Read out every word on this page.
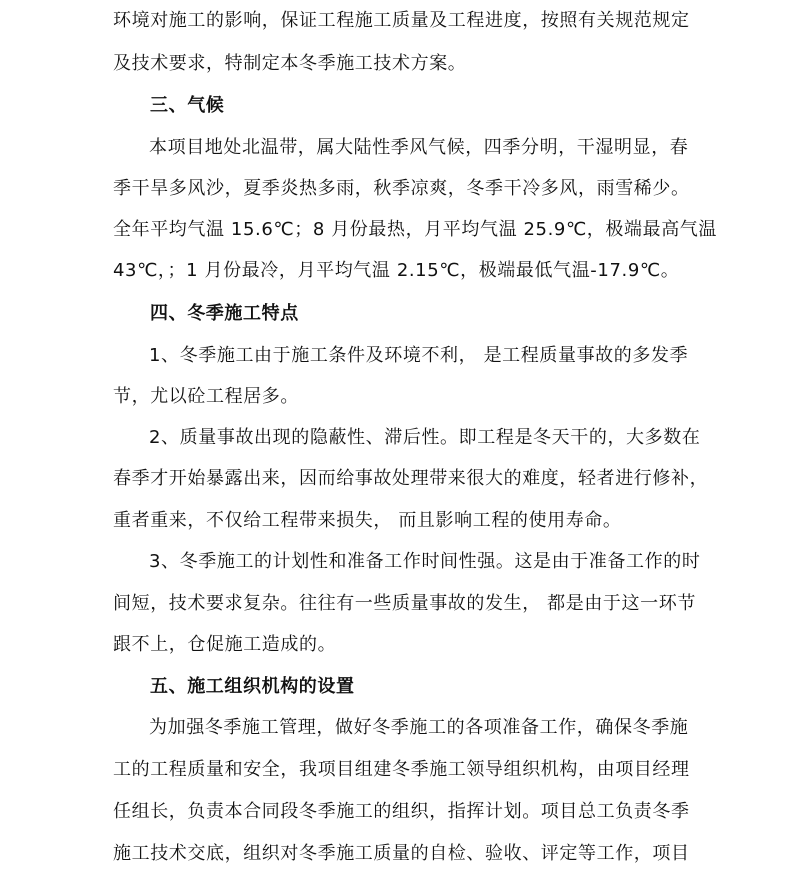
环境对施工的影响，保证工程施工质量及工程进度，按照有关规范规定
及技术要求，特制定本冬季施工技术方案。
三、气候
本项目地处北温带，属大陆性季风气候，四季分明，干湿明显，春
季干旱多风沙，夏季炎热多雨，秋季凉爽，冬季干冷多风，雨雪稀少。
全年平均气温 15.6℃；8 月份最热，月平均气温 25.9℃，极端最高气温
43℃，；1 月份最冷，月平均气温 2.15℃，极端最低气温-17.9℃。
四、冬季施工特点
1、冬季施工由于施工条件及环境不利， 是工程质量事故的多发季
节，尤以砼工程居多。
2、质量事故出现的隐蔽性、滞后性。即工程是冬天干的，大多数在
春季才开始暴露出来，因而给事故处理带来很大的难度，轻者进行修补，
重者重来，不仅给工程带来损失， 而且影响工程的使用寿命。
3、冬季施工的计划性和准备工作时间性强。这是由于准备工作的时
间短，技术要求复杂。往往有一些质量事故的发生， 都是由于这一环节
跟不上，仓促施工造成的。
五、施工组织机构的设置
为加强冬季施工管理，做好冬季施工的各项准备工作，确保冬季施
工的工程质量和安全，我项目组建冬季施工领导组织机构，由项目经理
任组长，负责本合同段冬季施工的组织，指挥计划。项目总工负责冬季
施工技术交底，组织对冬季施工质量的自检、验收、评定等工作，项目
